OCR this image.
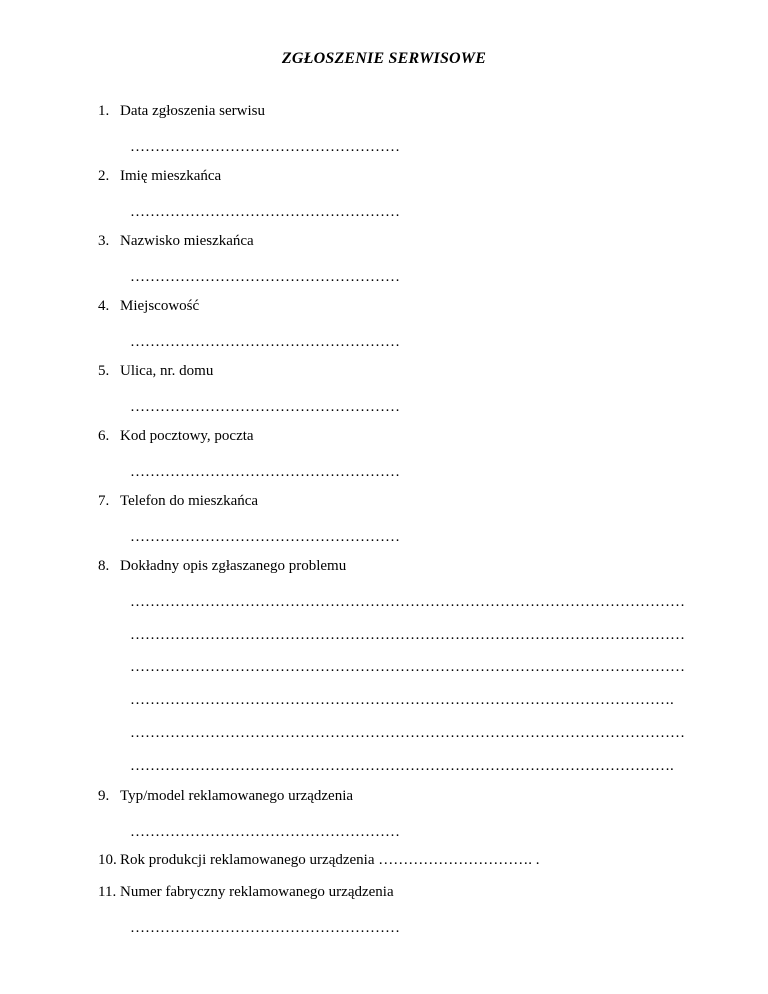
ZGŁOSZENIE SERWISOWE
1. Data zgłoszenia serwisu
………………………………………………
2. Imię mieszkańca
………………………………………………
3. Nazwisko mieszkańca
………………………………………………
4. Miejscowość
………………………………………………
5. Ulica, nr. domu
………………………………………………
6. Kod pocztowy, poczta
………………………………………………
7. Telefon do mieszkańca
………………………………………………
8. Dokładny opis zgłaszanego problemu
…………………………………………………………………………………………………
…………………………………………………………………………………………………
…………………………………………………………………………………………………
……………………………………………………………………………………………….
…………………………………………………………………………………………………
……………………………………………………………………………………………….
9. Typ/model reklamowanego urządzenia
………………………………………………
10. Rok produkcji reklamowanego urządzenia …………………………. .
11. Numer fabryczny reklamowanego urządzenia
………………………………………………
